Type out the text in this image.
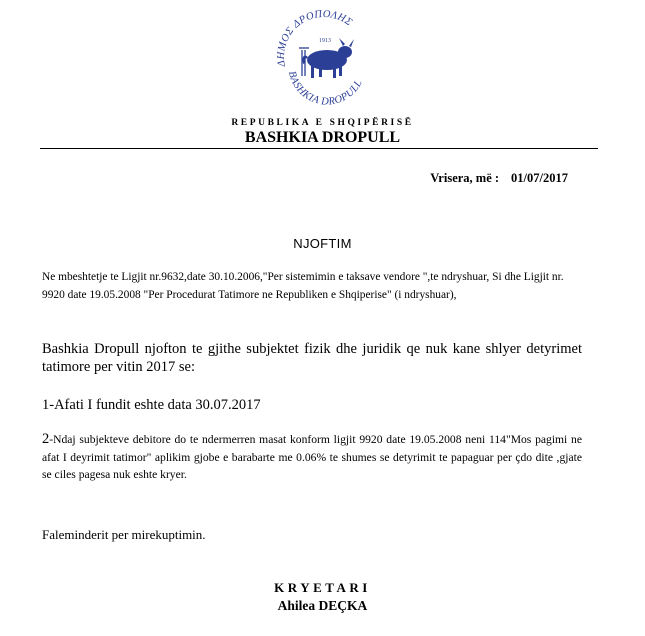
ΔΗΜΟΣ ΔΡΟΠΟΛΗΣ
BASHKIA DROPULL
1913
REPUBLIKA E SHQIPËRISË
BASHKIA DROPULL
Vrisera, më : 01/07/2017
NJOFTIM

Ne mbeshtetje te Ligjit nr.9632,date 30.10.2006,"Per sistemimin e taksave vendore ",te ndryshuar, Si dhe Ligjit nr. 9920 date 19.05.2008 "Per Procedurat Tatimore ne Republiken e Shqiperise" (i ndryshuar),

Bashkia Dropull njofton te gjithe subjektet fizik dhe juridik qe nuk kane shlyer detyrimet tatimore per vitin 2017 se:

1-Afati I fundit eshte data 30.07.2017

2-Ndaj subjekteve debitore do te ndermerren masat konform ligjit 9920 date 19.05.2008 neni 114"Mos pagimi ne afat I deyrimit tatimor" aplikim gjobe e barabarte me 0.06% te shumes se detyrimit te papaguar per çdo dite ,gjate se ciles pagesa nuk eshte kryer.

Faleminderit per mirekuptimin.
KRYETARI
Ahilea DEÇKA
